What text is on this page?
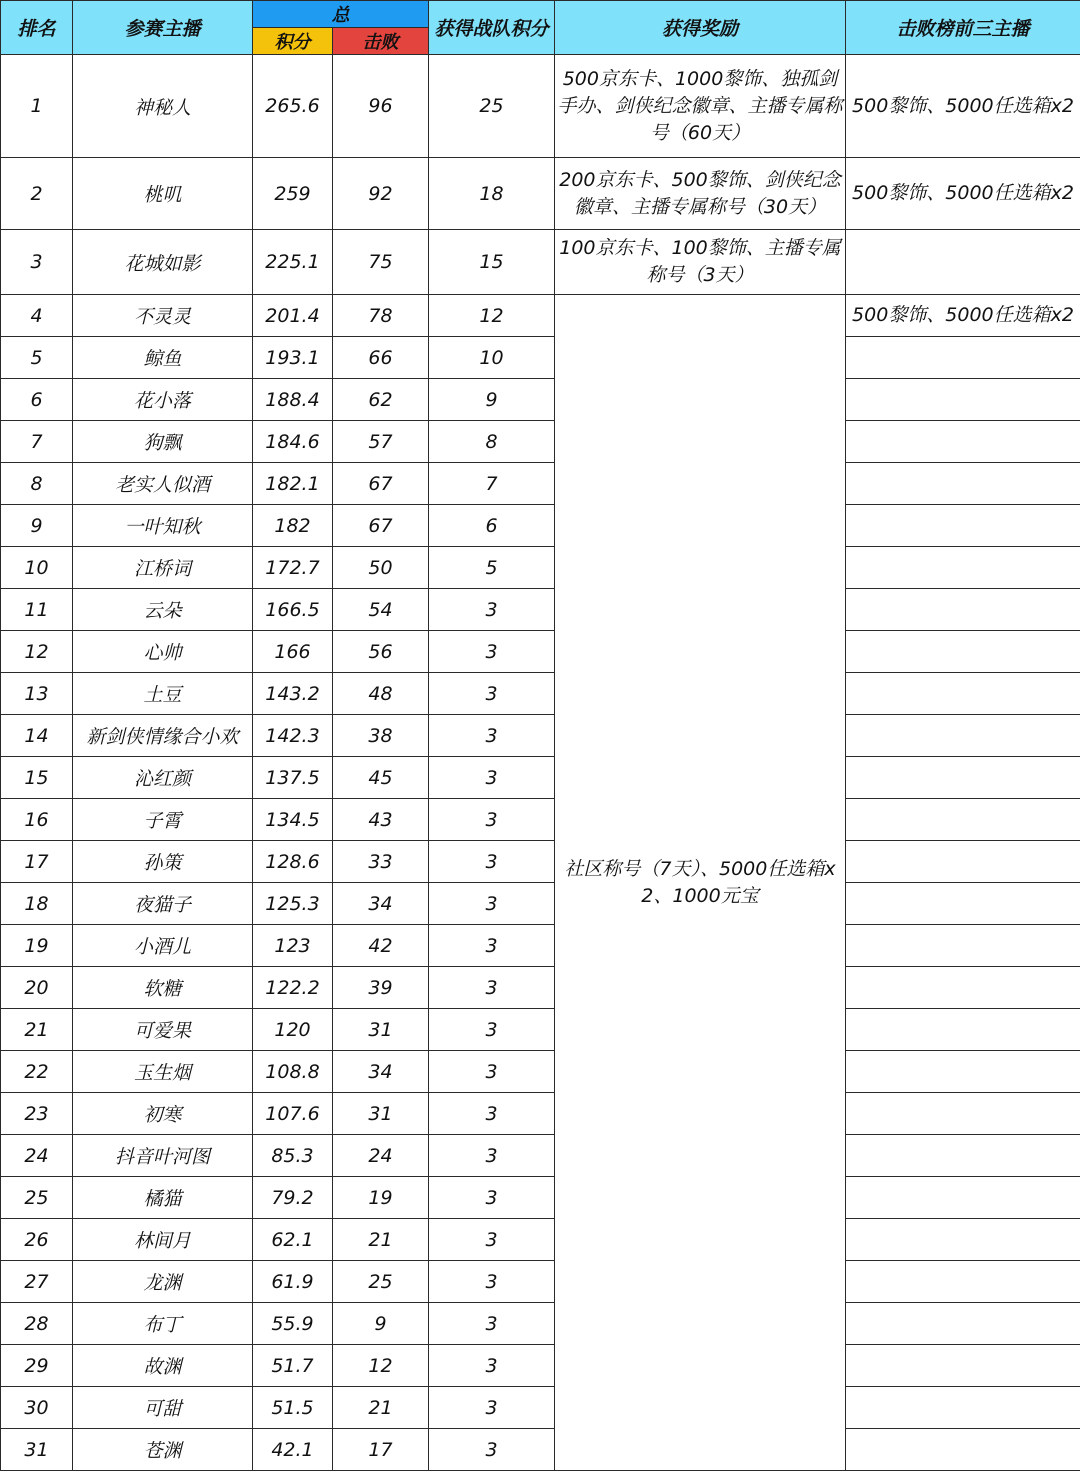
排名	参赛主播	总		获得战队积分	获得奖励	击败榜前三主播
		积分	击败			
1	神秘人	265.6	96	25	500京东卡、1000黎饰、独孤剑手办、剑侠纪念徽章、主播专属称号（60天）	500黎饰、5000任选箱x2
2	桃叽	259	92	18	200京东卡、500黎饰、剑侠纪念徽章、主播专属称号（30天）	500黎饰、5000任选箱x2
3	花城如影	225.1	75	15	100京东卡、100黎饰、主播专属称号（3天）	
4	不灵灵	201.4	78	12	社区称号（7天）、5000任选箱x2、1000元宝	500黎饰、5000任选箱x2
5	鲸鱼	193.1	66	10		
6	花小落	188.4	62	9		
7	狗飘	184.6	57	8		
8	老实人似酒	182.1	67	7		
9	一叶知秋	182	67	6		
10	江桥词	172.7	50	5		
11	云朵	166.5	54	3		
12	心帅	166	56	3		
13	土豆	143.2	48	3		
14	新剑侠情缘合小欢	142.3	38	3		
15	沁红颜	137.5	45	3		
16	子霄	134.5	43	3		
17	孙策	128.6	33	3		
18	夜猫子	125.3	34	3		
19	小酒儿	123	42	3		
20	软糖	122.2	39	3		
21	可爱果	120	31	3		
22	玉生烟	108.8	34	3		
23	初寒	107.6	31	3		
24	抖音叶河图	85.3	24	3		
25	橘猫	79.2	19	3		
26	林间月	62.1	21	3		
27	龙渊	61.9	25	3		
28	布丁	55.9	9	3		
29	故渊	51.7	12	3		
30	可甜	51.5	21	3		
31	苍渊	42.1	17	3		
